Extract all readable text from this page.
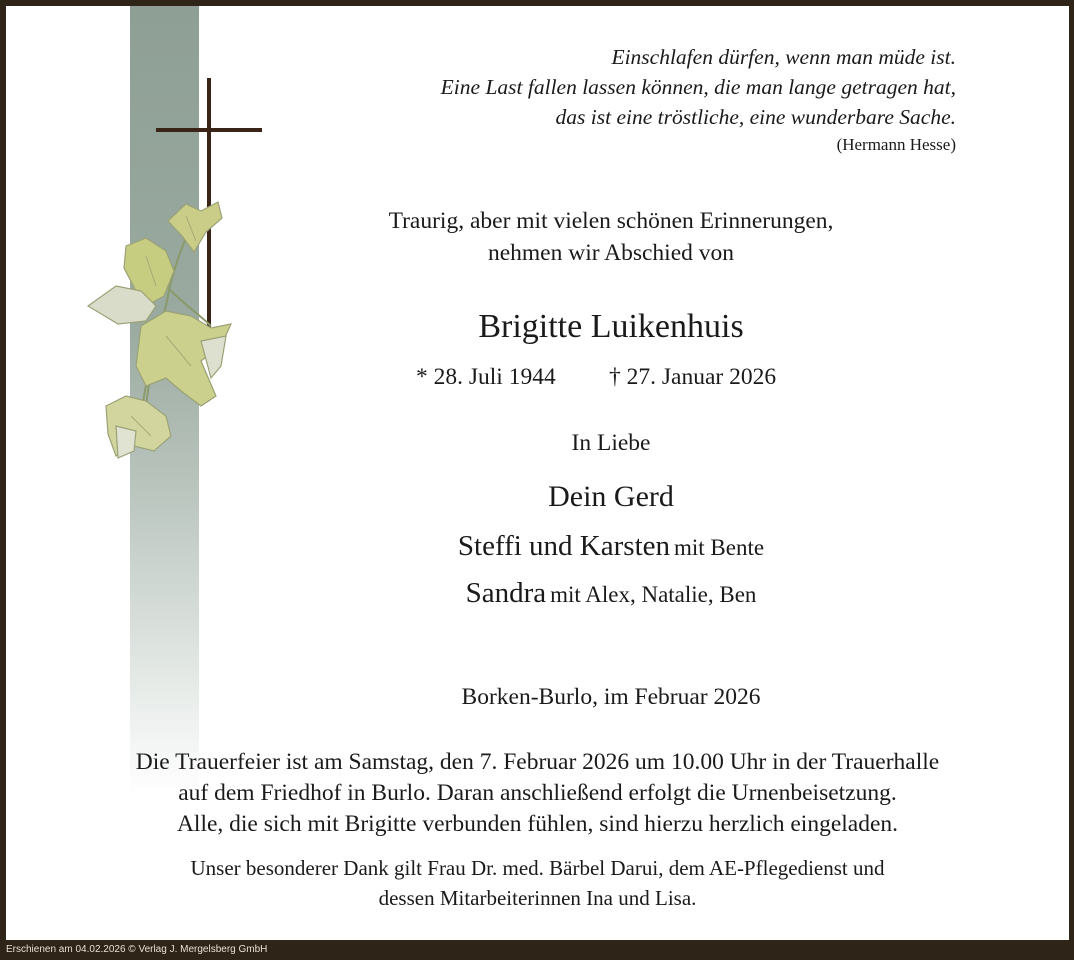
Einschlafen dürfen, wenn man müde ist.
Eine Last fallen lassen können, die man lange getragen hat,
das ist eine tröstliche, eine wunderbare Sache.
(Hermann Hesse)
Traurig, aber mit vielen schönen Erinnerungen,
nehmen wir Abschied von
Brigitte Luikenhuis
* 28. Juli 1944 † 27. Januar 2026
In Liebe
Dein Gerd
Steffi und Karsten mit Bente
Sandra mit Alex, Natalie, Ben
Borken-Burlo, im Februar 2026
Die Trauerfeier ist am Samstag, den 7. Februar 2026 um 10.00 Uhr in der Trauerhalle
auf dem Friedhof in Burlo. Daran anschließend erfolgt die Urnenbeisetzung.
Alle, die sich mit Brigitte verbunden fühlen, sind hierzu herzlich eingeladen.
Unser besonderer Dank gilt Frau Dr. med. Bärbel Darui, dem AE-Pflegedienst und
dessen Mitarbeiterinnen Ina und Lisa.
Erschienen am 04.02.2026 © Verlag J. Mergelsberg GmbH
